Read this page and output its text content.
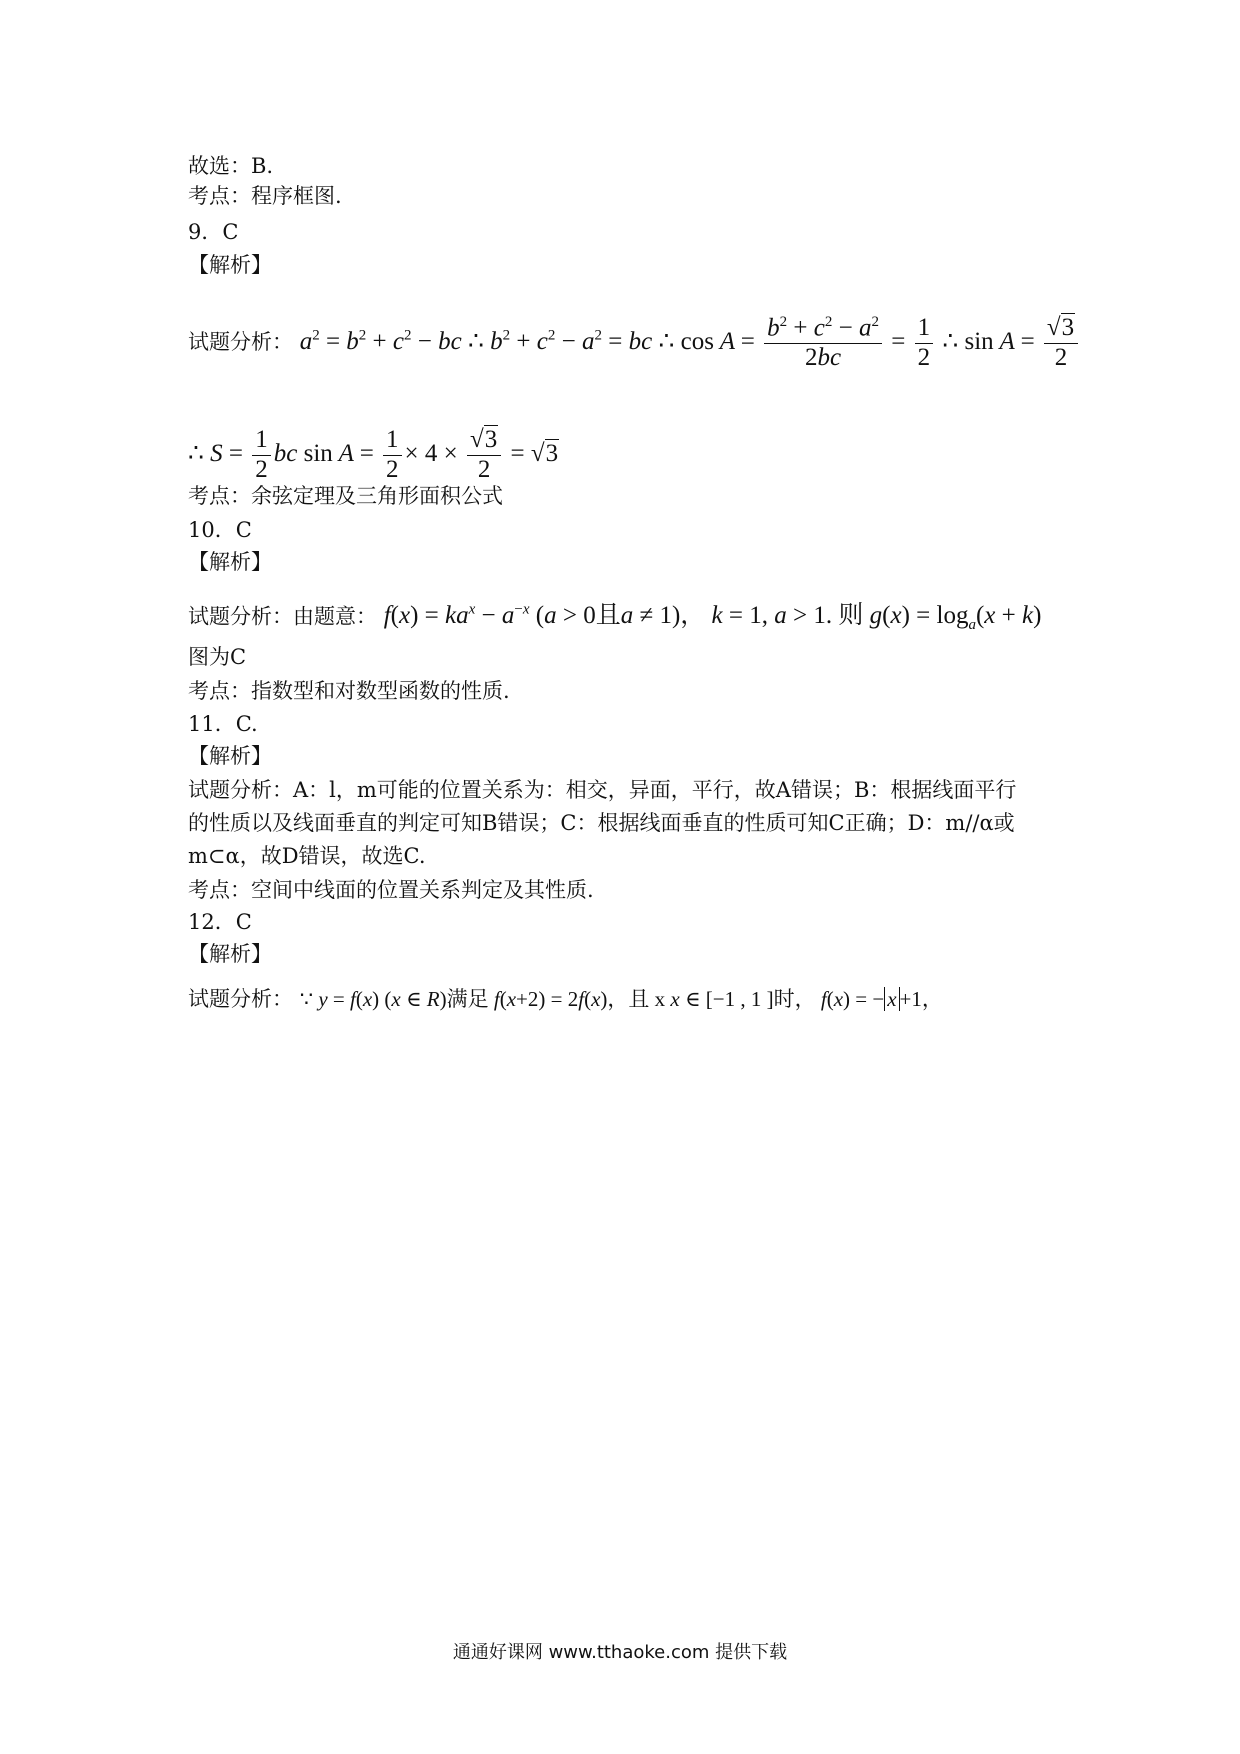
故选：B.
考点：程序框图.
9．C
【解析】
试题分析： $a^2 = b^2 + c^2$ − bc ∴ $b^2 + c^2 - a^2$ = bc ∴ $\cos A = \frac{b^2 + c^2 - a^2}{2bc} = \frac{1}{2}$ ∴ $\sin A = \frac{√3}{2}$
∴ $S = \frac{1}{2}$ bc $\sin A = \frac{1}{2} \times 4 \times \frac{√3}{2} = √3$
考点：余弦定理及三角形面积公式
10．C
【解析】
试题分析：由题意： $f(x) = ka^x - a^{-x}$ (a > 0且a ≠ 1)， k = 1, a > 1. 则 $g(x) = \log_a(x + k)$
图为C
考点：指数型和对数型函数的性质.
11．C.
【解析】
试题分析：A：l，m可能的位置关系为：相交，异面，平行，故A错误；B：根据线面平行
的性质以及线面垂直的判定可知B错误；C：根据线面垂直的性质可知C正确；D：m//α或
m⊂α，故D错误，故选C.
考点：空间中线面的位置关系判定及其性质.
12．C
【解析】
试题分析： ∵ y = f(x) (x ∈ R)满足 f(x+2) = 2f(x)，且 x x ∈ [−1 , 1 ]时， f(x) = − x +1，
通通好课网 www.tthaoke.com 提供下载
